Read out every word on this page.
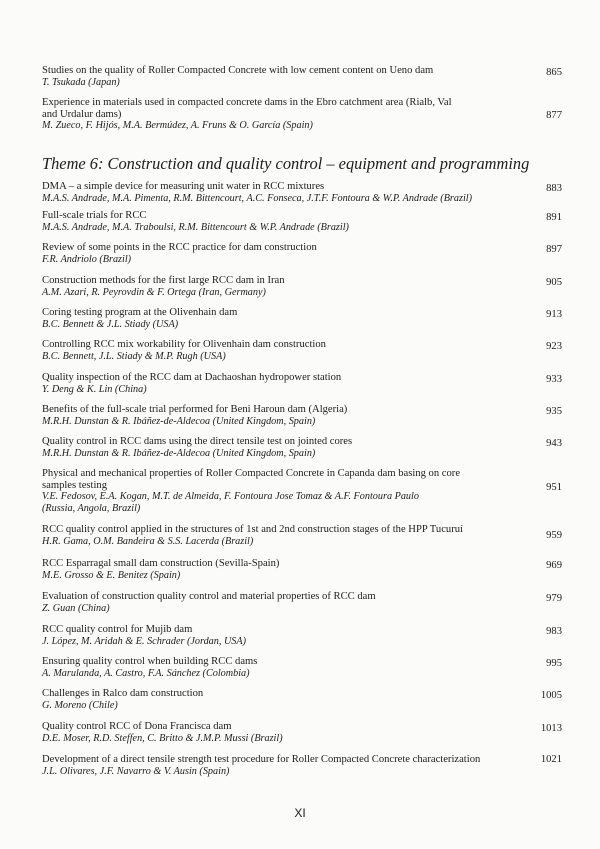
Studies on the quality of Roller Compacted Concrete with low cement content on Ueno dam
T. Tsukada (Japan)
865
Experience in materials used in compacted concrete dams in the Ebro catchment area (Rialb, Val and Urdalur dams)
M. Zueco, F. Hijós, M.A. Bermúdez, A. Fruns & O. García (Spain)
877
Theme 6: Construction and quality control – equipment and programming
DMA – a simple device for measuring unit water in RCC mixtures
M.A.S. Andrade, M.A. Pimenta, R.M. Bittencourt, A.C. Fonseca, J.T.F. Fontoura & W.P. Andrade (Brazil)
883
Full-scale trials for RCC
M.A.S. Andrade, M.A. Traboulsi, R.M. Bittencourt & W.P. Andrade (Brazil)
891
Review of some points in the RCC practice for dam construction
F.R. Andriolo (Brazil)
897
Construction methods for the first large RCC dam in Iran
A.M. Azari, R. Peyrovdin & F. Ortega (Iran, Germany)
905
Coring testing program at the Olivenhain dam
B.C. Bennett & J.L. Stiady (USA)
913
Controlling RCC mix workability for Olivenhain dam construction
B.C. Bennett, J.L. Stiady & M.P. Rugh (USA)
923
Quality inspection of the RCC dam at Dachaoshan hydropower station
Y. Deng & K. Lin (China)
933
Benefits of the full-scale trial performed for Beni Haroun dam (Algeria)
M.R.H. Dunstan & R. Ibáñez-de-Aldecoa (United Kingdom, Spain)
935
Quality control in RCC dams using the direct tensile test on jointed cores
M.R.H. Dunstan & R. Ibáñez-de-Aldecoa (United Kingdom, Spain)
943
Physical and mechanical properties of Roller Compacted Concrete in Capanda dam basing on core samples testing
V.E. Fedosov, E.A. Kogan, M.T. de Almeida, F. Fontoura Jose Tomaz & A.F. Fontoura Paulo
(Russia, Angola, Brazil)
951
RCC quality control applied in the structures of 1st and 2nd construction stages of the HPP Tucuruí
H.R. Gama, O.M. Bandeira & S.S. Lacerda (Brazil)	959
RCC Esparragal small dam construction (Sevilla-Spain)
M.E. Grosso & E. Benitez (Spain)
969
Evaluation of construction quality control and material properties of RCC dam
Z. Guan (China)
979
RCC quality control for Mujib dam
J. López, M. Aridah & E. Schrader (Jordan, USA)
983
Ensuring quality control when building RCC dams
A. Marulanda, A. Castro, F.A. Sánchez (Colombia)
995
Challenges in Ralco dam construction
G. Moreno (Chile)
1005
Quality control RCC of Dona Francisca dam
D.E. Moser, R.D. Steffen, C. Britto & J.M.P. Mussi (Brazil)
1013
Development of a direct tensile strength test procedure for Roller Compacted Concrete characterization
J.L. Olivares, J.F. Navarro & V. Ausin (Spain)
1021
XI
